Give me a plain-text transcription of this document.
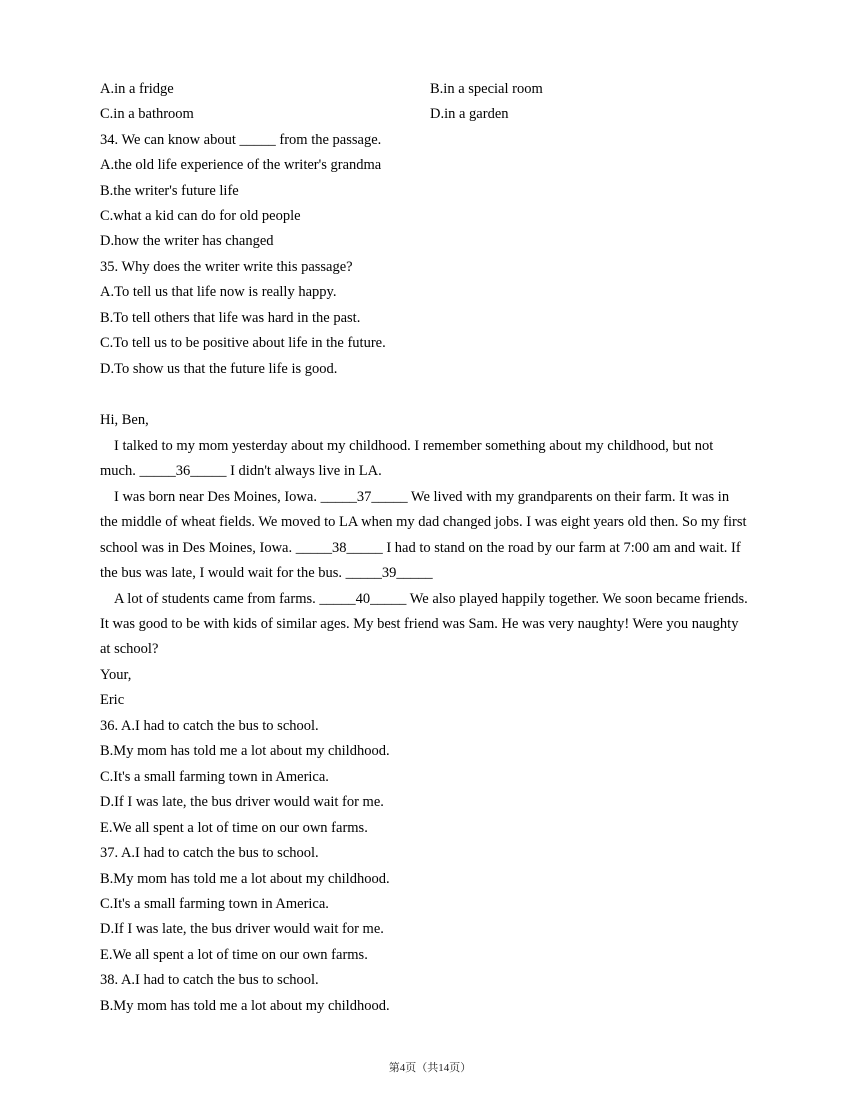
A.in a fridge	B.in a special room
C.in a bathroom	D.in a garden
34. We can know about _____ from the passage.
A.the old life experience of the writer's grandma
B.the writer's future life
C.what a kid can do for old people
D.how the writer has changed
35. Why does the writer write this passage?
A.To tell us that life now is really happy.
B.To tell others that life was hard in the past.
C.To tell us to be positive about life in the future.
D.To show us that the future life is good.
Hi, Ben,
I talked to my mom yesterday about my childhood. I remember something about my childhood, but not
much. _____36_____ I didn't always live in LA.
I was born near Des Moines, Iowa. _____37_____ We lived with my grandparents on their farm. It was in
the middle of wheat fields. We moved to LA when my dad changed jobs. I was eight years old then. So my first
school was in Des Moines, Iowa. _____38_____ I had to stand on the road by our farm at 7:00 am and wait. If
the bus was late, I would wait for the bus. _____39_____
A lot of students came from farms. _____40_____ We also played happily together. We soon became friends.
It was good to be with kids of similar ages. My best friend was Sam. He was very naughty! Were you naughty
at school?
Your,
Eric
36. A.I had to catch the bus to school.
B.My mom has told me a lot about my childhood.
C.It's a small farming town in America.
D.If I was late, the bus driver would wait for me.
E.We all spent a lot of time on our own farms.
37. A.I had to catch the bus to school.
B.My mom has told me a lot about my childhood.
C.It's a small farming town in America.
D.If I was late, the bus driver would wait for me.
E.We all spent a lot of time on our own farms.
38. A.I had to catch the bus to school.
B.My mom has told me a lot about my childhood.
第4页（共14页）
